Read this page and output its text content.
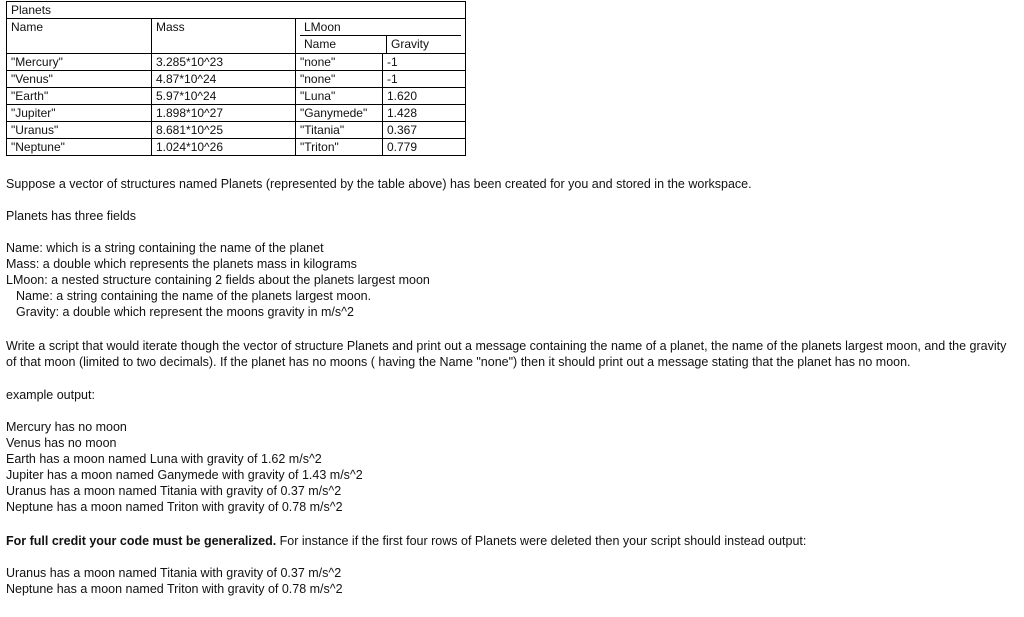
Planets			
Name	Mass	LMoon
Name Gravity	

"Mercury"	3.285*10^23	"none"	-1
"Venus"	4.87*10^24	"none"	-1
"Earth"	5.97*10^24	"Luna"	1.620
"Jupiter"	1.898*10^27	"Ganymede"	1.428
"Uranus"	8.681*10^25	"Titania"	0.367
"Neptune"	1.024*10^26	"Triton"	0.779

Suppose a vector of structures named Planets (represented by the table above) has been created for you and stored in the workspace.

Planets has three fields

Name: which is a string containing the name of the planet

Mass: a double which represents the planets mass in kilograms

LMoon: a nested structure containing 2 fields about the planets largest moon

Name: a string containing the name of the planets largest moon.

Gravity: a double which represent the moons gravity in m/s^2

Write a script that would iterate though the vector of structure Planets and print out a message containing the name of a planet, the name of the planets largest moon, and the gravity of that moon (limited to two decimals). If the planet has no moons ( having the Name "none") then it should print out a message stating that the planet has no moon.

example output:

Mercury has no moon

Venus has no moon

Earth has a moon named Luna with gravity of 1.62 m/s^2

Jupiter has a moon named Ganymede with gravity of 1.43 m/s^2

Uranus has a moon named Titania with gravity of 0.37 m/s^2

Neptune has a moon named Triton with gravity of 0.78 m/s^2

For full credit your code must be generalized. For instance if the first four rows of Planets were deleted then your script should instead output:

Uranus has a moon named Titania with gravity of 0.37 m/s^2

Neptune has a moon named Triton with gravity of 0.78 m/s^2
